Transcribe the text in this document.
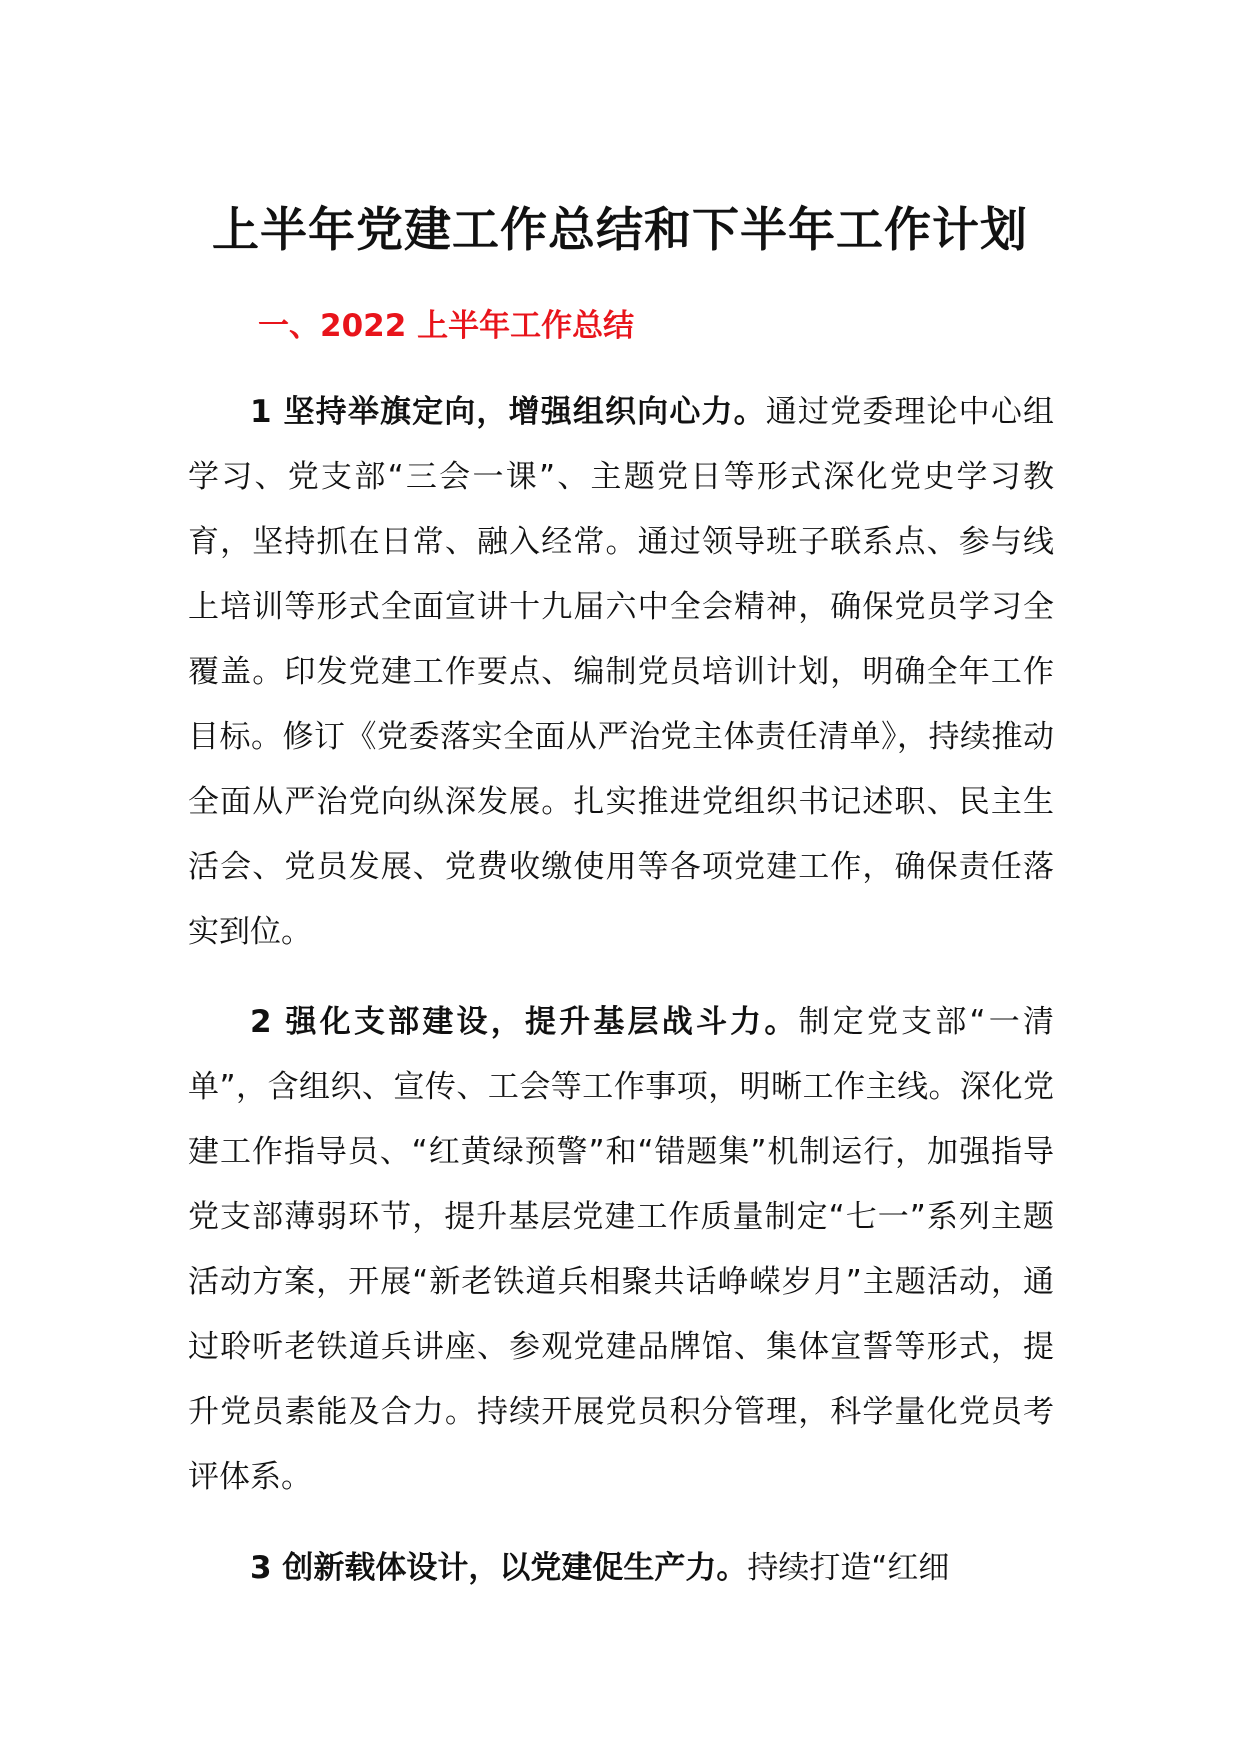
上半年党建工作总结和下半年工作计划
一、2022 上半年工作总结

1 坚持举旗定向，增强组织向心力。通过党委理论中心组学习、党支部“三会一课”、主题党日等形式深化党史学习教育，坚持抓在日常、融入经常。通过领导班子联系点、参与线上培训等形式全面宣讲十九届六中全会精神，确保党员学习全覆盖。印发党建工作要点、编制党员培训计划，明确全年工作目标。修订《党委落实全面从严治党主体责任清单》，持续推动全面从严治党向纵深发展。扎实推进党组织书记述职、民主生活会、党员发展、党费收缴使用等各项党建工作，确保责任落实到位。

2 强化支部建设，提升基层战斗力。制定党支部“一清单”，含组织、宣传、工会等工作事项，明晰工作主线。深化党建工作指导员、“红黄绿预警”和“错题集”机制运行，加强指导党支部薄弱环节，提升基层党建工作质量制定“七一”系列主题活动方案，开展“新老铁道兵相聚共话峥嵘岁月”主题活动，通过聆听老铁道兵讲座、参观党建品牌馆、集体宣誓等形式，提升党员素能及合力。持续开展党员积分管理，科学量化党员考评体系。

3 创新载体设计，以党建促生产力。持续打造“红细
